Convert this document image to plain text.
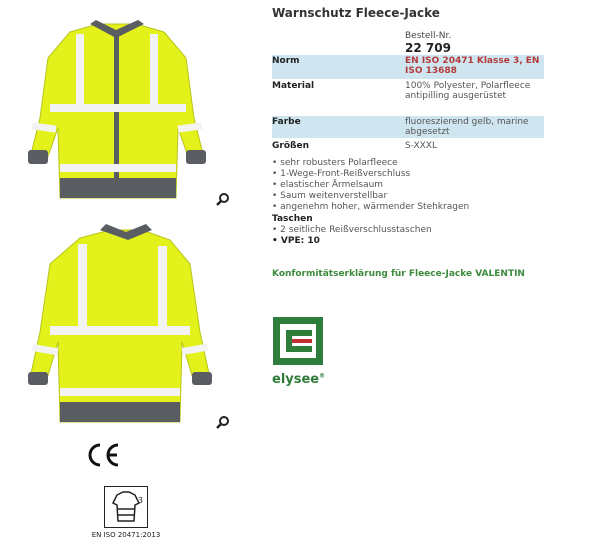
3
EN ISO 20471:2013
Warnschutz Fleece-Jacke
Bestell-Nr.
22 709
Norm	EN ISO 20471 Klasse 3, EN ISO 13688
Material	100% Polyester, Polarfleece antipilling ausgerüstet
Farbe	fluoreszierend gelb, marine abgesetzt
Größen	S-XXXL
• sehr robusters Polarfleece
• 1-Wege-Front-Reißverschluss
• elastischer Ärmelsaum
• Saum weitenverstellbar
• angenehm hoher, wärmender Stehkragen
Taschen
• 2 seitliche Reißverschlusstaschen
• VPE: 10
Konformitätserklärung für Fleece-Jacke VALENTIN
elysee®
